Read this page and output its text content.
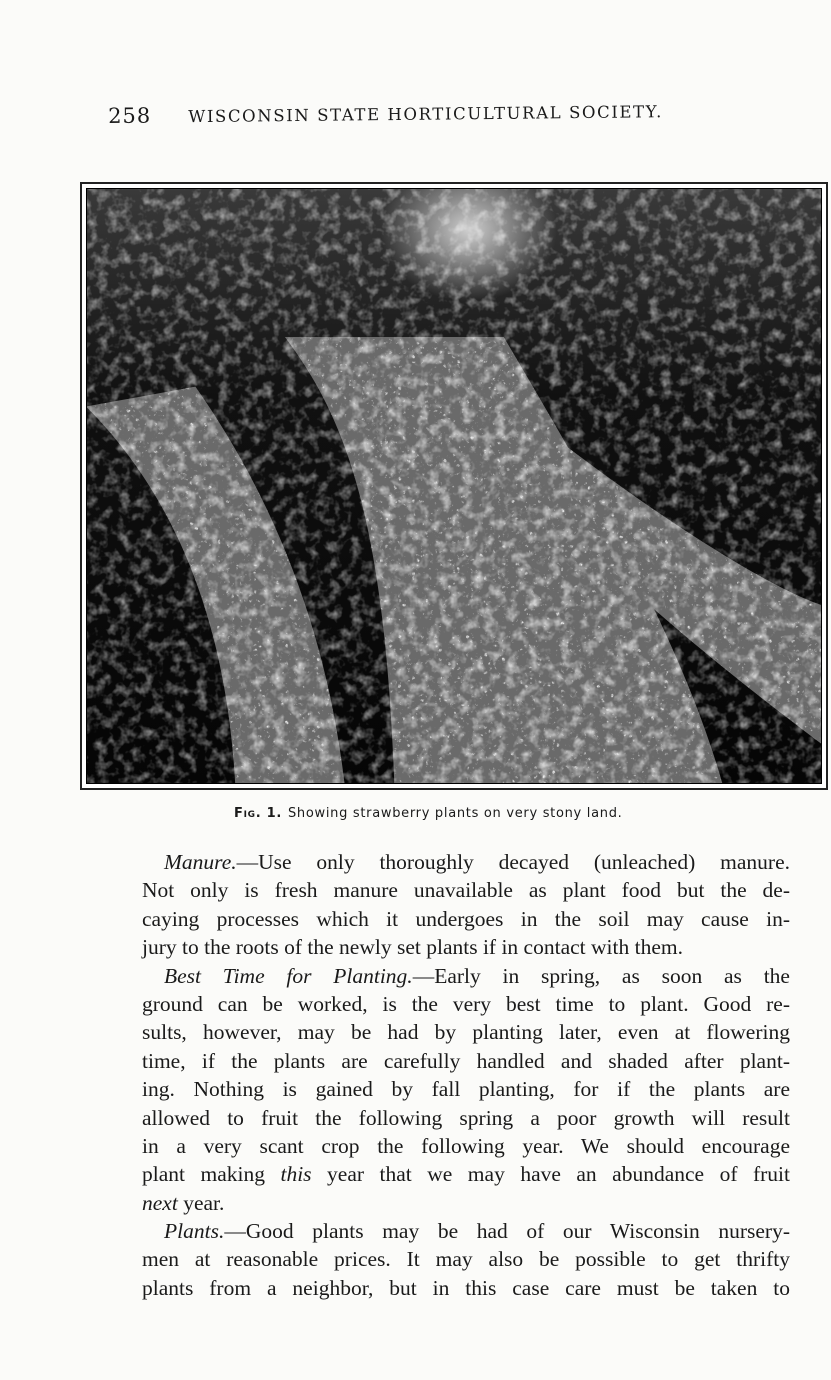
258 WISCONSIN STATE HORTICULTURAL SOCIETY.
Fig. 1. Showing strawberry plants on very stony land.
Manure.—Use only thoroughly decayed (unleached) manure.
Not only is fresh manure unavailable as plant food but the de-
caying processes which it undergoes in the soil may cause in-
jury to the roots of the newly set plants if in contact with them.
Best Time for Planting.—Early in spring, as soon as the
ground can be worked, is the very best time to plant. Good re-
sults, however, may be had by planting later, even at flowering
time, if the plants are carefully handled and shaded after plant-
ing. Nothing is gained by fall planting, for if the plants are
allowed to fruit the following spring a poor growth will result
in a very scant crop the following year. We should encourage
plant making this year that we may have an abundance of fruit
next year.
Plants.—Good plants may be had of our Wisconsin nursery-
men at reasonable prices. It may also be possible to get thrifty
plants from a neighbor, but in this case care must be taken to
